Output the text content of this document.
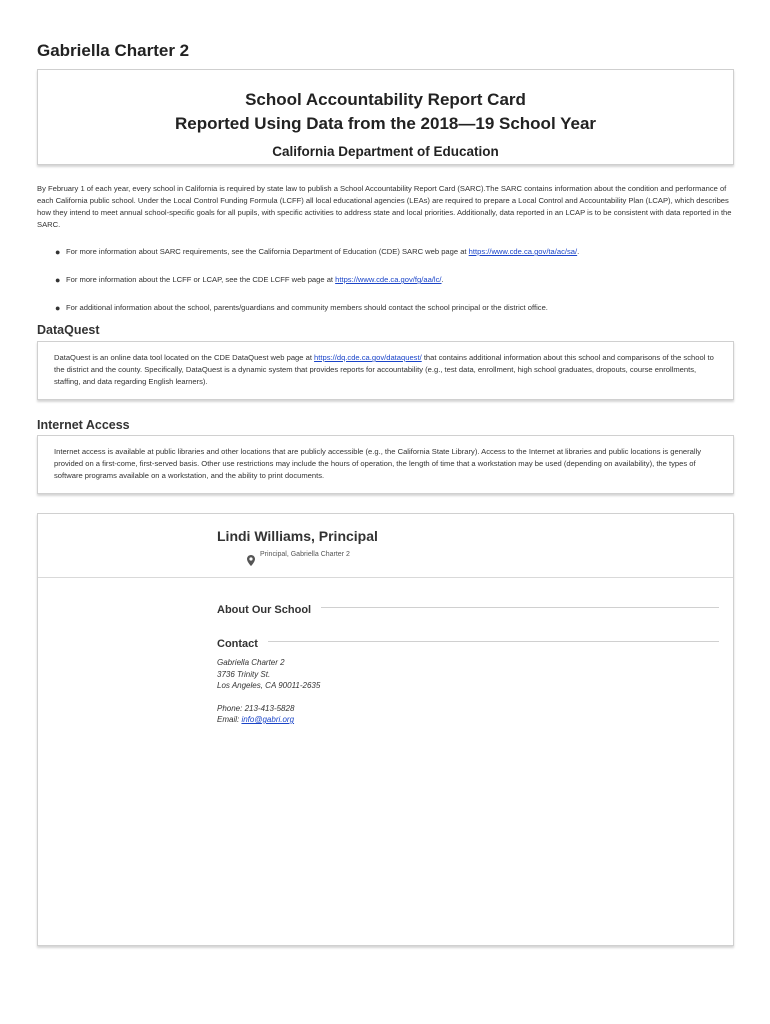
Gabriella Charter 2
School Accountability Report Card
Reported Using Data from the 2018—19 School Year
California Department of Education
By February 1 of each year, every school in California is required by state law to publish a School Accountability Report Card (SARC).The SARC contains information about the condition and performance of each California public school. Under the Local Control Funding Formula (LCFF) all local educational agencies (LEAs) are required to prepare a Local Control and Accountability Plan (LCAP), which describes how they intend to meet annual school-specific goals for all pupils, with specific activities to address state and local priorities. Additionally, data reported in an LCAP is to be consistent with data reported in the SARC.
● For more information about SARC requirements, see the California Department of Education (CDE) SARC web page at https://www.cde.ca.gov/ta/ac/sa/.
● For more information about the LCFF or LCAP, see the CDE LCFF web page at https://www.cde.ca.gov/fg/aa/lc/.
● For additional information about the school, parents/guardians and community members should contact the school principal or the district office.
DataQuest
DataQuest is an online data tool located on the CDE DataQuest web page at https://dq.cde.ca.gov/dataquest/ that contains additional information about this school and comparisons of the school to the district and the county. Specifically, DataQuest is a dynamic system that provides reports for accountability (e.g., test data, enrollment, high school graduates, dropouts, course enrollments, staffing, and data regarding English learners).
Internet Access
Internet access is available at public libraries and other locations that are publicly accessible (e.g., the California State Library). Access to the Internet at libraries and public locations is generally provided on a first-come, first-served basis. Other use restrictions may include the hours of operation, the length of time that a workstation may be used (depending on availability), the types of software programs available on a workstation, and the ability to print documents.
Lindi Williams, Principal
Principal, Gabriella Charter 2
About Our School
Contact
Gabriella Charter 2
3736 Trinity St.
Los Angeles, CA 90011-2635
Phone: 213-413-5828
Email: info@gabri.org
